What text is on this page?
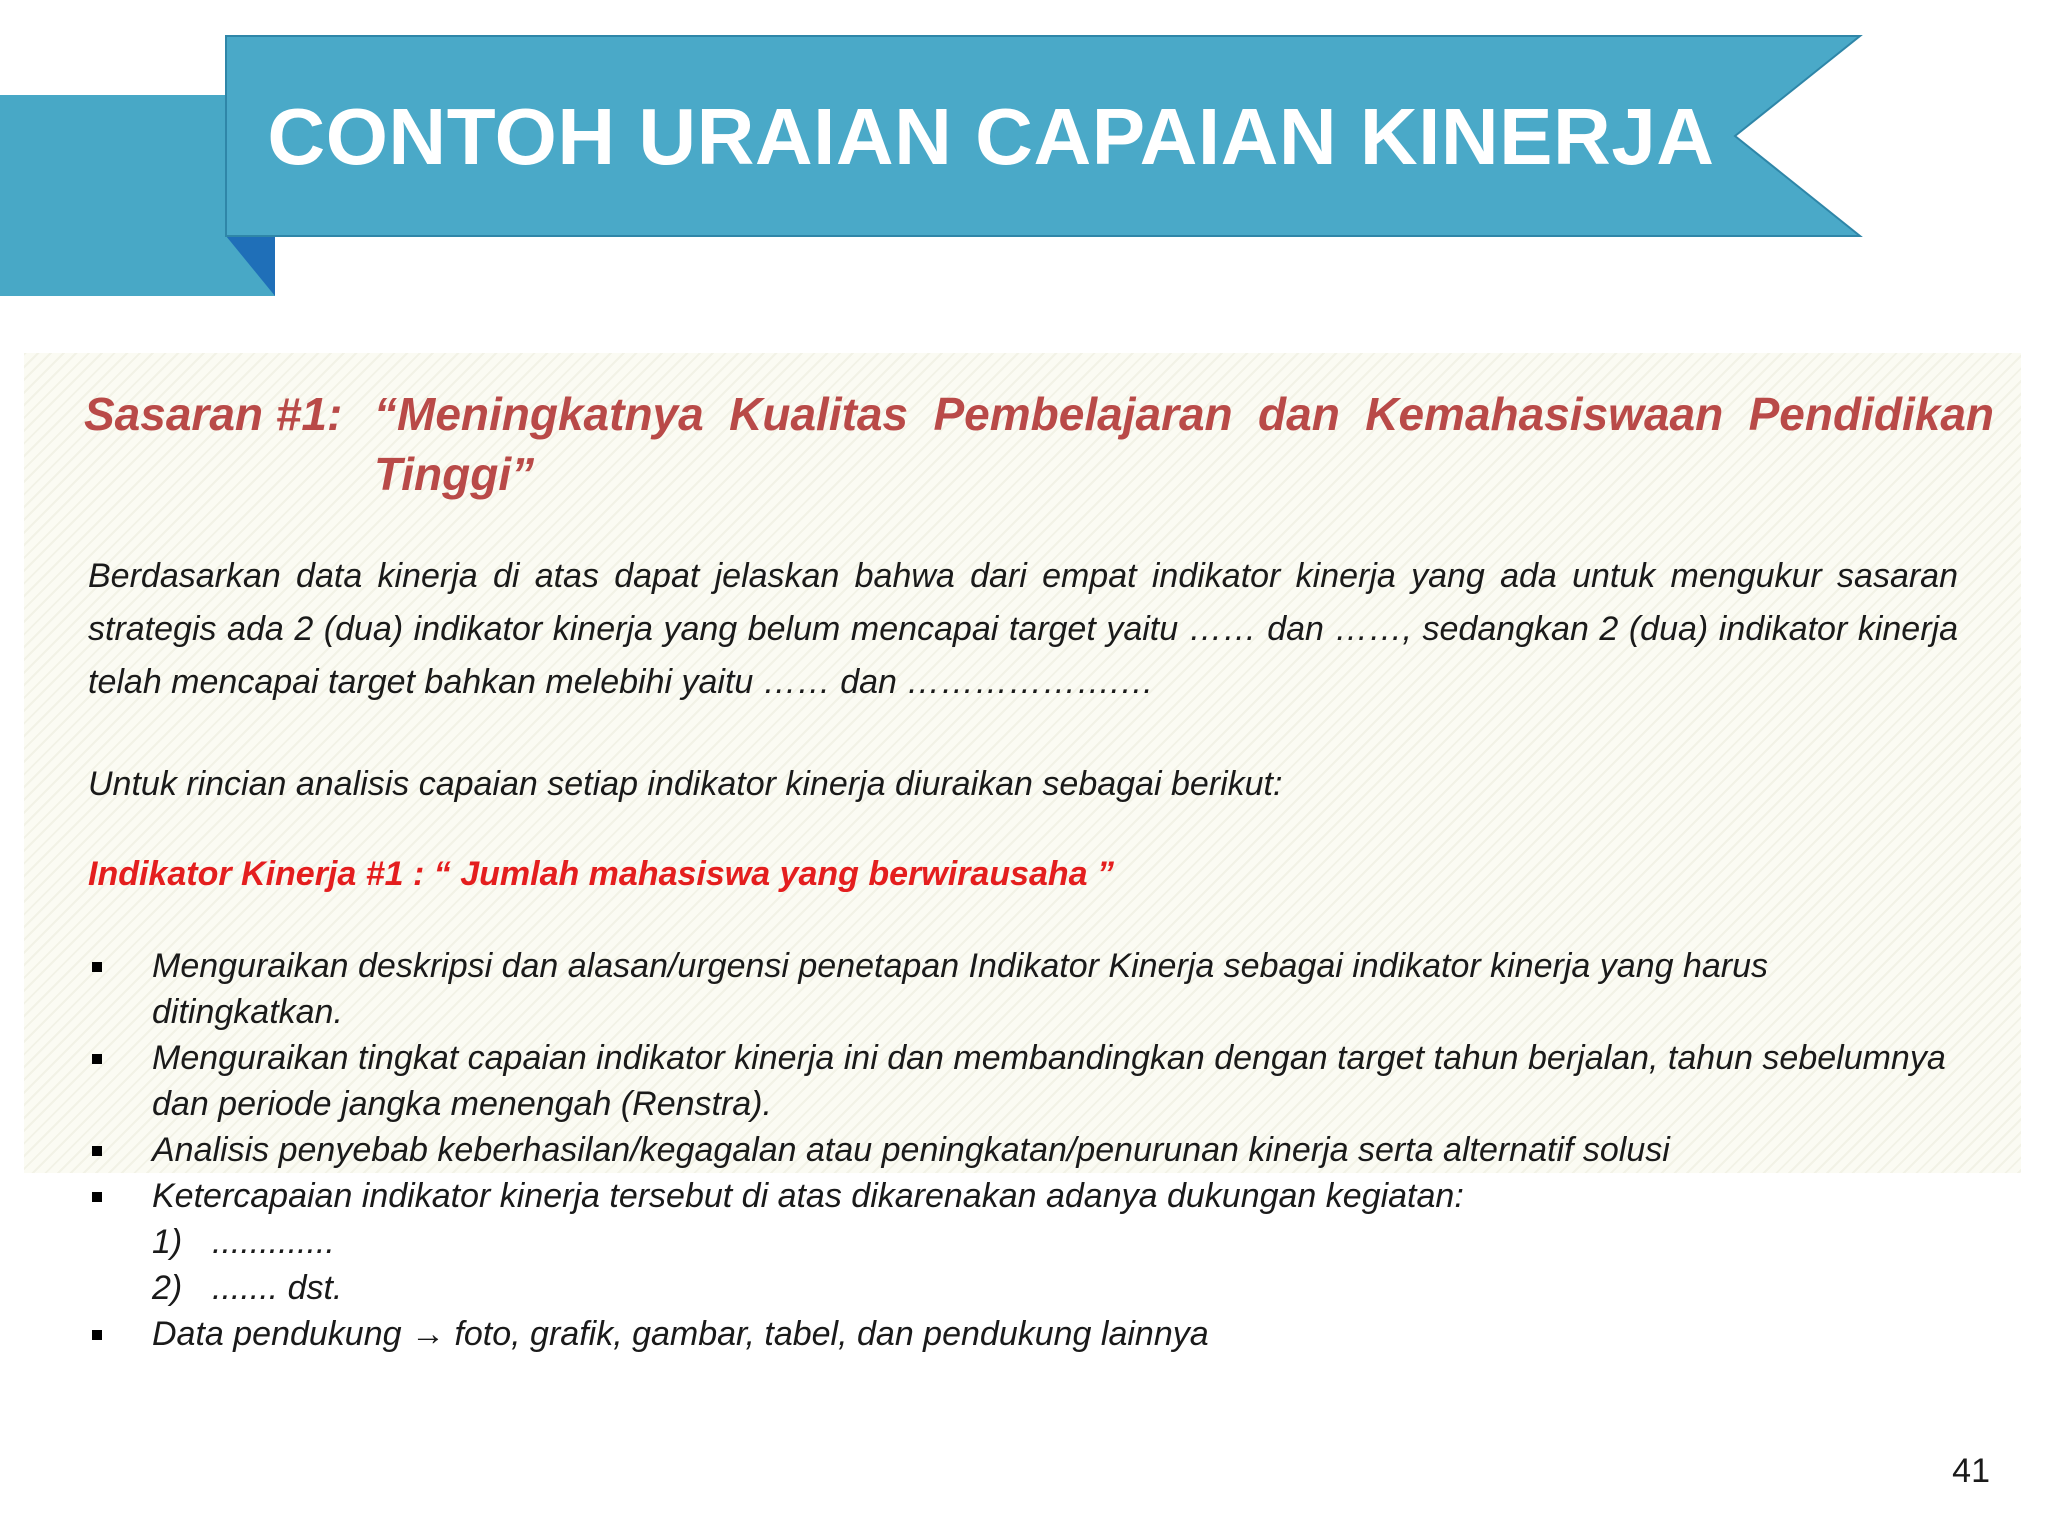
CONTOH URAIAN CAPAIAN KINERJA
Sasaran #1: “Meningkatnya Kualitas Pembelajaran dan Kemahasiswaan Pendidikan Tinggi”
Berdasarkan data kinerja di atas dapat jelaskan bahwa dari empat indikator kinerja yang ada untuk mengukur sasaran strategis ada 2 (dua) indikator kinerja yang belum mencapai target yaitu …… dan ……, sedangkan 2 (dua) indikator kinerja telah mencapai target bahkan melebihi yaitu …… dan ……………….…
Untuk rincian analisis capaian setiap indikator kinerja diuraikan sebagai berikut:
Indikator Kinerja #1 : “ Jumlah mahasiswa yang berwirausaha ”
Menguraikan deskripsi dan alasan/urgensi penetapan Indikator Kinerja sebagai indikator kinerja yang harus ditingkatkan.
Menguraikan tingkat capaian indikator kinerja ini dan membandingkan dengan target tahun berjalan, tahun sebelumnya dan periode jangka menengah (Renstra).
Analisis penyebab keberhasilan/kegagalan atau peningkatan/penurunan kinerja serta alternatif solusi
Ketercapaian indikator kinerja tersebut di atas dikarenakan adanya dukungan kegiatan:
1) .............
2) ....... dst.
Data pendukung → foto, grafik, gambar, tabel, dan pendukung lainnya
41
